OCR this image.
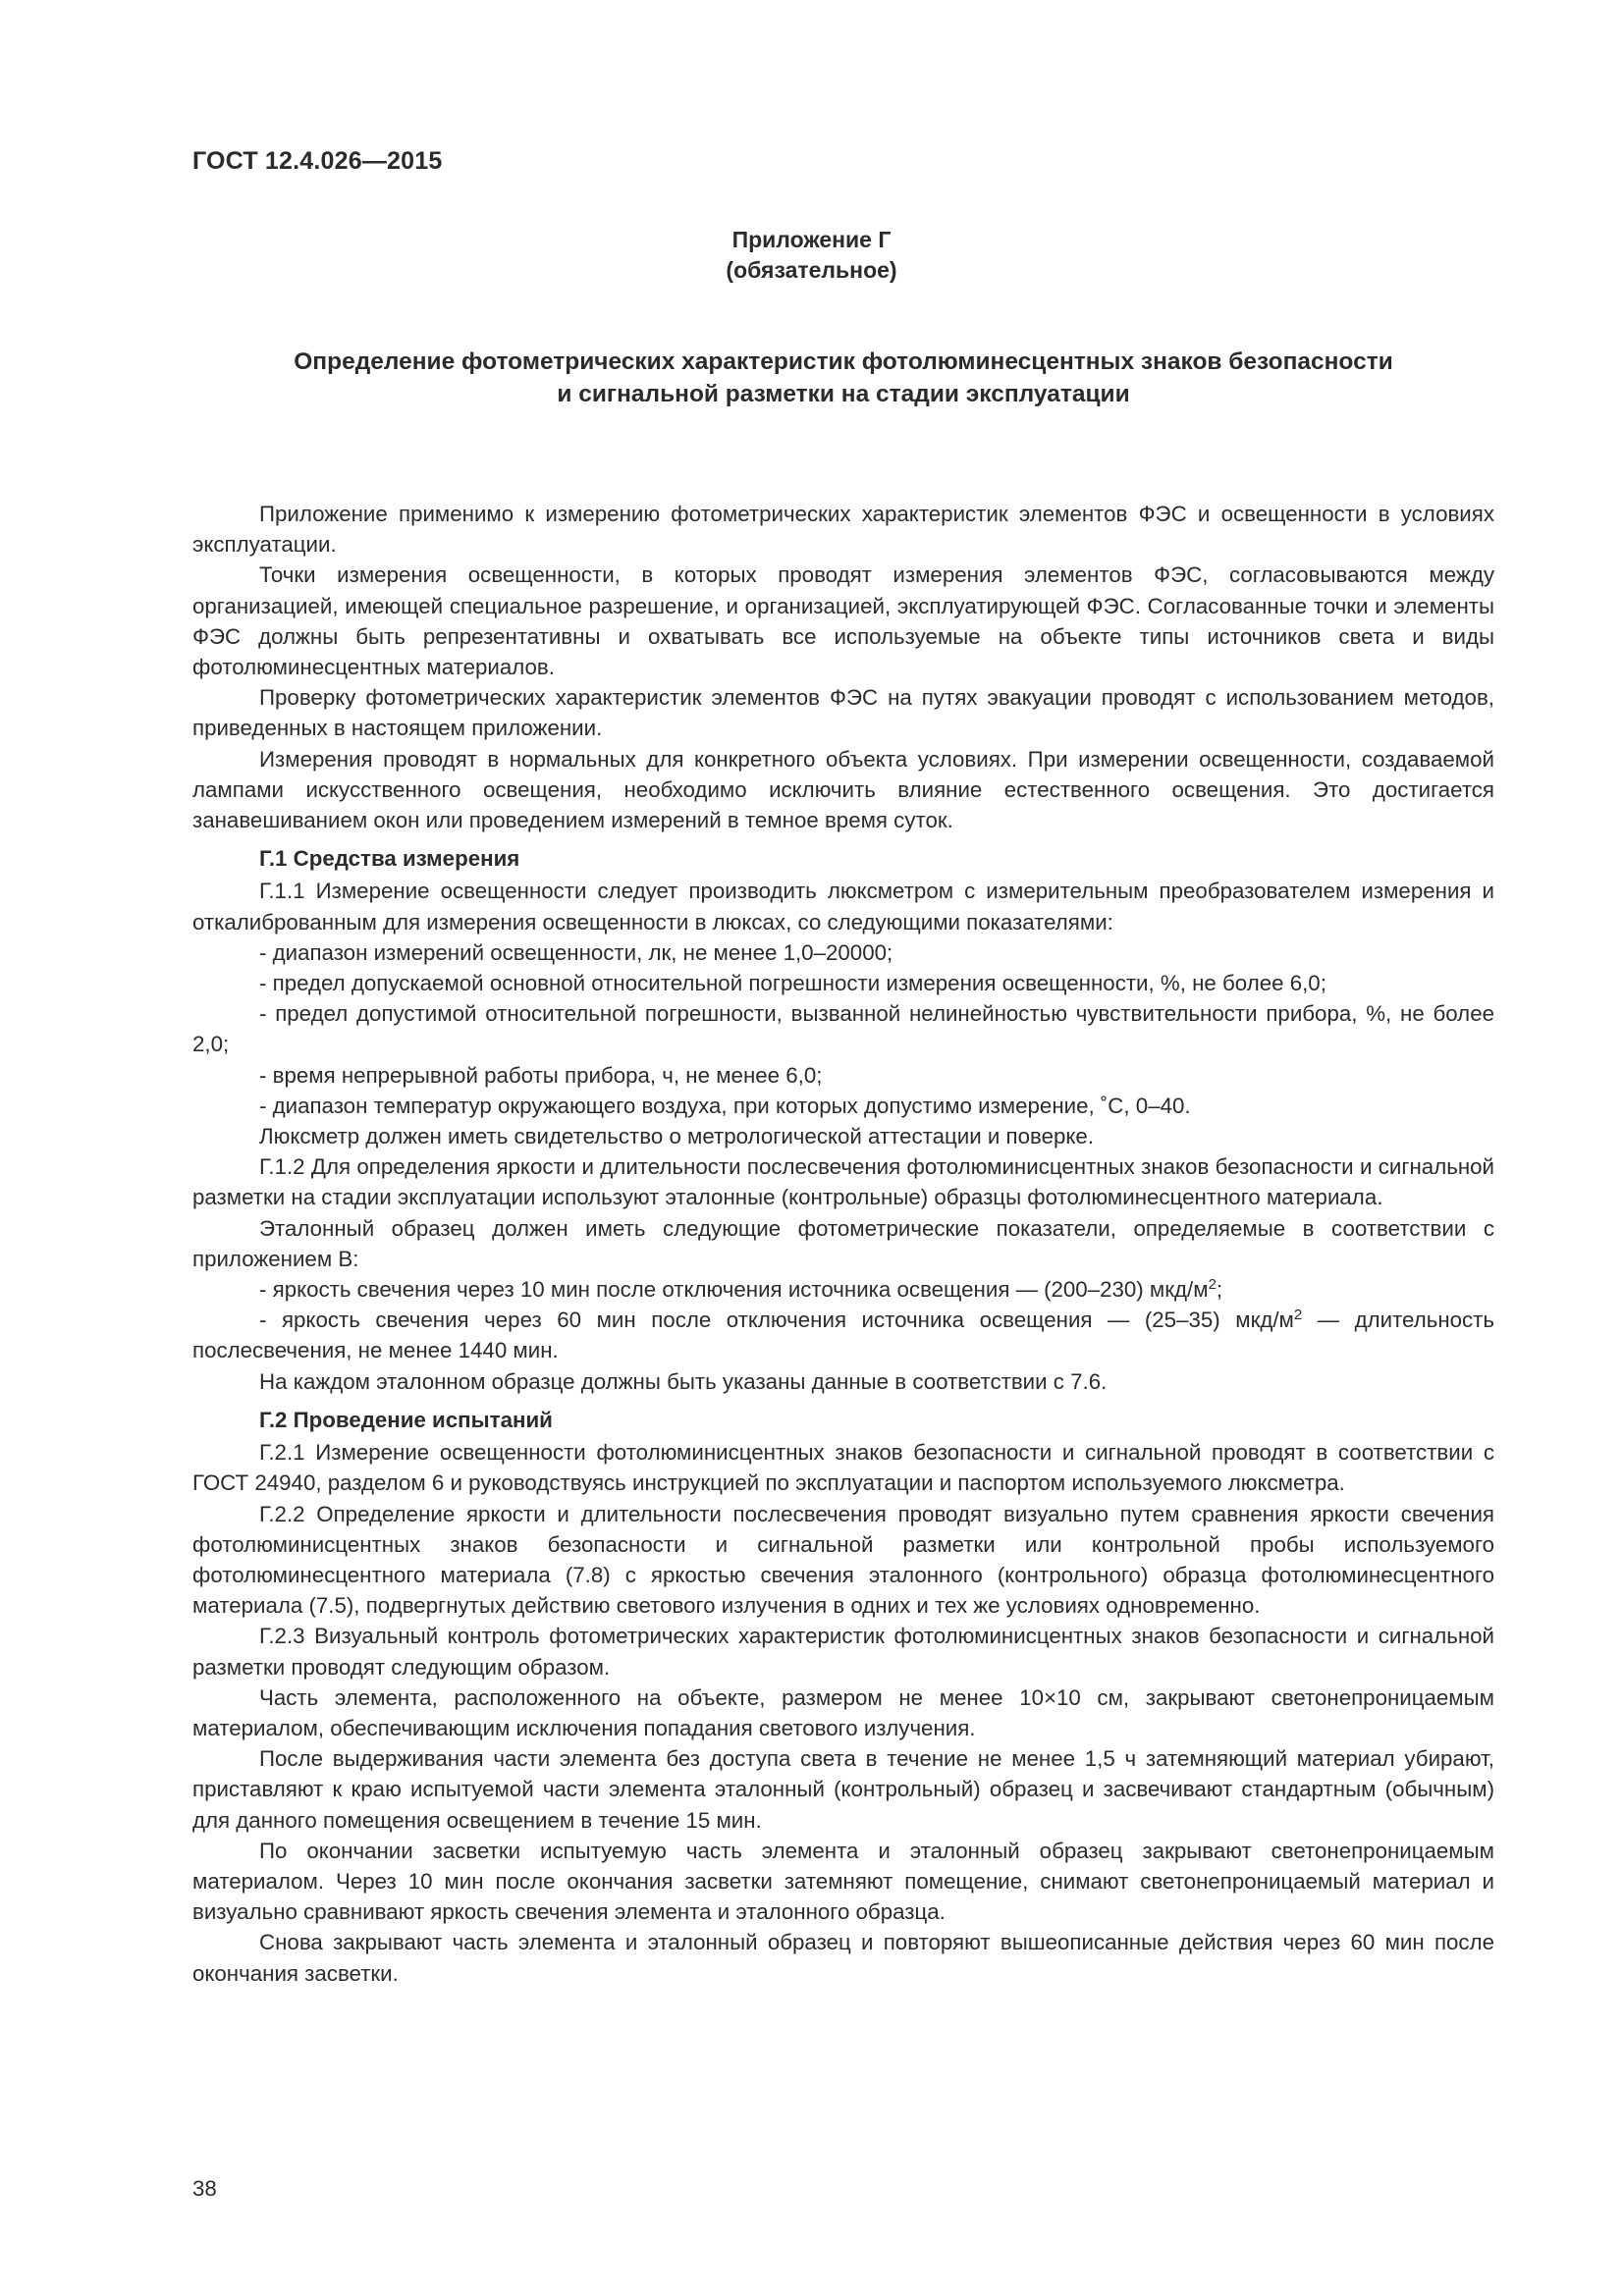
ГОСТ 12.4.026—2015
Приложение Г
(обязательное)
Определение фотометрических характеристик фотолюминесцентных знаков безопасности
и сигнальной разметки на стадии эксплуатации

Приложение применимо к измерению фотометрических характеристик элементов ФЭС и освещенности в условиях эксплуатации.

Точки измерения освещенности, в которых проводят измерения элементов ФЭС, согласовываются между организацией, имеющей специальное разрешение, и организацией, эксплуатирующей ФЭС. Согласованные точки и элементы ФЭС должны быть репрезентативны и охватывать все используемые на объекте типы источников света и виды фотолюминесцентных материалов.

Проверку фотометрических характеристик элементов ФЭС на путях эвакуации проводят с использованием методов, приведенных в настоящем приложении.

Измерения проводят в нормальных для конкретного объекта условиях. При измерении освещенности, создаваемой лампами искусственного освещения, необходимо исключить влияние естественного освещения. Это достигается занавешиванием окон или проведением измерений в темное время суток.

Г.1 Средства измерения

Г.1.1 Измерение освещенности следует производить люксметром с измерительным преобразователем измерения и откалиброванным для измерения освещенности в люксах, со следующими показателями:

- диапазон измерений освещенности, лк, не менее 1,0–20000;

- предел допускаемой основной относительной погрешности измерения освещенности, %, не более 6,0;

- предел допустимой относительной погрешности, вызванной нелинейностью чувствительности прибора, %, не более 2,0;

- время непрерывной работы прибора, ч, не менее 6,0;

- диапазон температур окружающего воздуха, при которых допустимо измерение, ˚С, 0–40.

Люксметр должен иметь свидетельство о метрологической аттестации и поверке.

Г.1.2 Для определения яркости и длительности послесвечения фотолюминисцентных знаков безопасности и сигнальной разметки на стадии эксплуатации используют эталонные (контрольные) образцы фотолюминесцентного материала.

Эталонный образец должен иметь следующие фотометрические показатели, определяемые в соответствии с приложением В:

- яркость свечения через 10 мин после отключения источника освещения — (200–230) мкд/$м^2$;

- яркость свечения через 60 мин после отключения источника освещения — (25–35) мкд/$м^2$ — длительность послесвечения, не менее 1440 мин.

На каждом эталонном образце должны быть указаны данные в соответствии с 7.6.

Г.2 Проведение испытаний

Г.2.1 Измерение освещенности фотолюминисцентных знаков безопасности и сигнальной проводят в соответствии с ГОСТ 24940, разделом 6 и руководствуясь инструкцией по эксплуатации и паспортом используемого люксметра.

Г.2.2 Определение яркости и длительности послесвечения проводят визуально путем сравнения яркости свечения фотолюминисцентных знаков безопасности и сигнальной разметки или контрольной пробы используемого фотолюминесцентного материала (7.8) с яркостью свечения эталонного (контрольного) образца фотолюминесцентного материала (7.5), подвергнутых действию светового излучения в одних и тех же условиях одновременно.

Г.2.3 Визуальный контроль фотометрических характеристик фотолюминисцентных знаков безопасности и сигнальной разметки проводят следующим образом.

Часть элемента, расположенного на объекте, размером не менее 10×10 см, закрывают светонепроницаемым материалом, обеспечивающим исключения попадания светового излучения.

После выдерживания части элемента без доступа света в течение не менее 1,5 ч затемняющий материал убирают, приставляют к краю испытуемой части элемента эталонный (контрольный) образец и засвечивают стандартным (обычным) для данного помещения освещением в течение 15 мин.

По окончании засветки испытуемую часть элемента и эталонный образец закрывают светонепроницаемым материалом. Через 10 мин после окончания засветки затемняют помещение, снимают светонепроницаемый материал и визуально сравнивают яркость свечения элемента и эталонного образца.

Снова закрывают часть элемента и эталонный образец и повторяют вышеописанные действия через 60 мин после окончания засветки.

38
